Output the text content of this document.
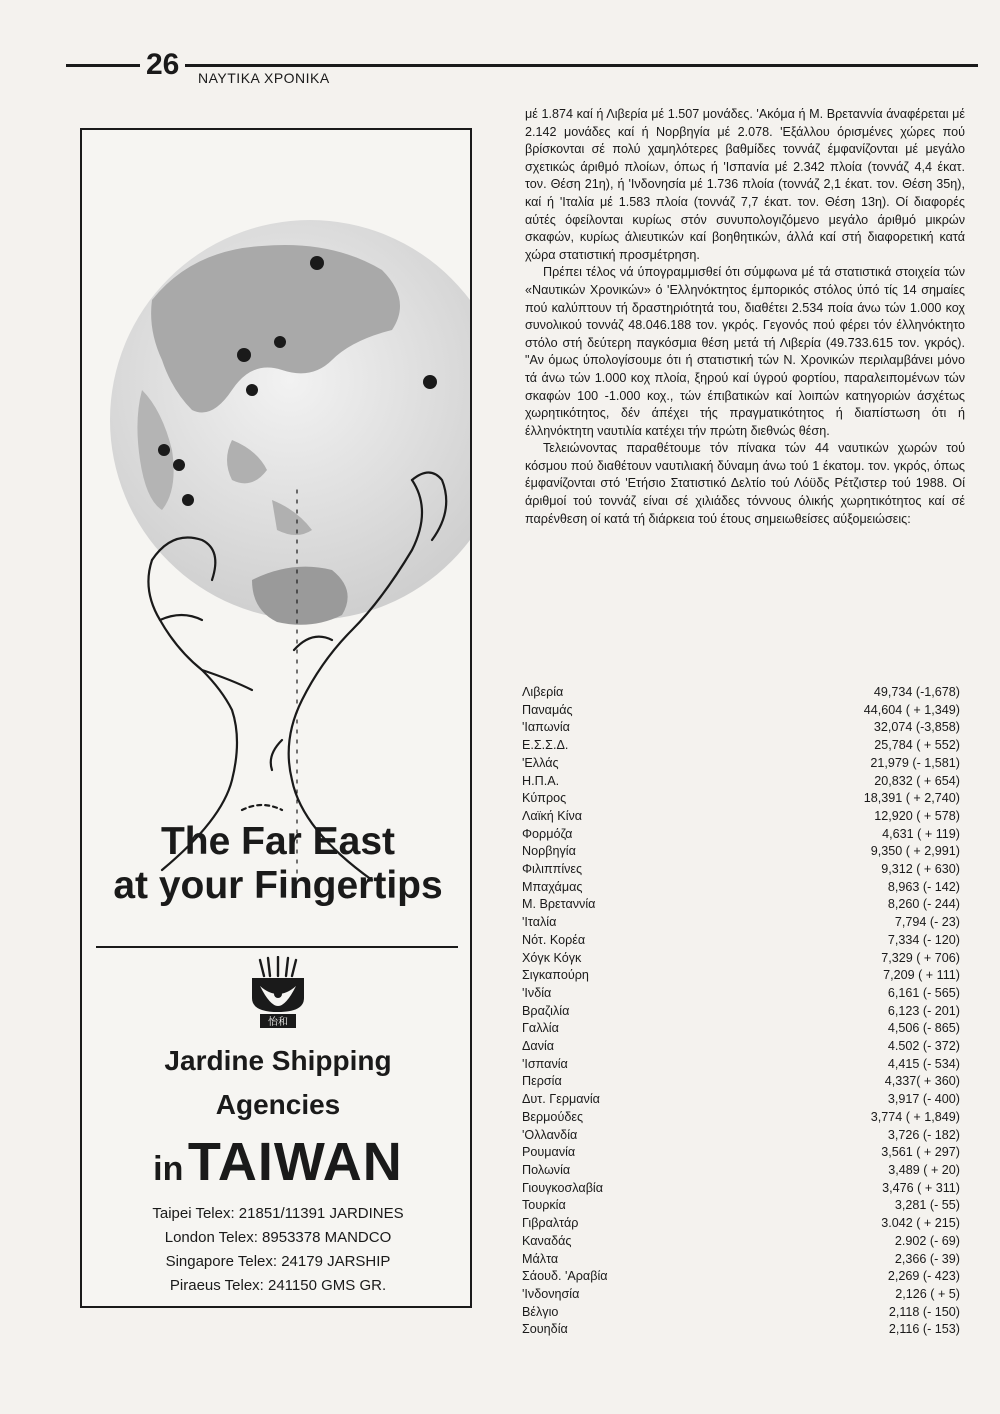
26	ΝΑΥΤΙΚΑ ΧΡΟΝΙΚΑ
The Far East
at your Fingertips
怡和
Jardine Shipping
Agencies
in TAIWAN
Taipei Telex: 21851/11391 JARDINES
London Telex: 8953378 MANDCO
Singapore Telex: 24179 JARSHIP
Piraeus Telex: 241150 GMS GR.

μέ 1.874 καί ή Λιβερία μέ 1.507 μονάδες. 'Ακόμα ή Μ. Βρεταννία άναφέρεται μέ 2.142 μονάδες καί ή Νορβηγία μέ 2.078. 'Εξάλλου όρισμένες χώρες πού βρίσκονται σέ πολύ χαμηλότερες βαθμίδες τοννάζ έμφανίζονται μέ μεγάλο σχετικώς άριθμό πλοίων, όπως ή 'Ισπανία μέ 2.342 πλοία (τοννάζ 4,4 έκατ. τον. Θέση 21η), ή 'Ινδονησία μέ 1.736 πλοία (τοννάζ 2,1 έκατ. τον. Θέση 35η), καί ή 'Ιταλία μέ 1.583 πλοία (τοννάζ 7,7 έκατ. τον. Θέση 13η). Οί διαφορές αύτές όφείλονται κυρίως στόν συνυπολογιζόμενο μεγάλο άριθμό μικρών σκαφών, κυρίως άλιευτικών καί βοηθητικών, άλλά καί στή διαφορετική κατά χώρα στατιστική προσμέτρηση.

Πρέπει τέλος νά ύπογραμμισθεί ότι σύμφωνα μέ τά στατιστικά στοιχεία τών «Ναυτικών Χρονικών» ό 'Ελληνόκτητος έμπορικός στόλος ύπό τίς 14 σημαίες πού καλύπτουν τή δραστηριότητά του, διαθέτει 2.534 ποία άνω τών 1.000 κοχ συνολικού τοννάζ 48.046.188 τον. γκρός. Γεγονός πού φέρει τόν έλληνόκτητο στόλο στή δεύτερη παγκόσμια θέση μετά τή Λιβερία (49.733.615 τον. γκρός). "Αν όμως ύπολογίσουμε ότι ή στατιστική τών Ν. Χρονικών περιλαμβάνει μόνο τά άνω τών 1.000 κοχ πλοία, ξηρού καί ύγρού φορτίου, παραλειπομένων τών σκαφών 100 -1.000 κοχ., τών έπιβατικών καί λοιπών κατηγοριών άσχέτως χωρητικότητος, δέν άπέχει τής πραγματικότητος ή διαπίστωση ότι ή έλληνόκτητη ναυτιλία κατέχει τήν πρώτη διεθνώς θέση.

Τελειώνοντας παραθέτουμε τόν πίνακα τών 44 ναυτικών χωρών τού κόσμου πού διαθέτουν ναυτιλιακή δύναμη άνω τού 1 έκατομ. τον. γκρός, όπως έμφανίζονται στό 'Ετήσιο Στατιστικό Δελτίο τού Λόϋδς Ρέτζιστερ τού 1988. Οί άριθμοί τού τοννάζ είναι σέ χιλιάδες τόννους όλικής χωρητικότητος καί σέ παρένθεση οί κατά τή διάρκεια τού έτους σημειωθείσες αύξομειώσεις:

Λιβερία	49,734 (-1,678)
Παναμάς	44,604 ( + 1,349)
'Ιαπωνία	32,074 (-3,858)
Ε.Σ.Σ.Δ.	25,784 ( + 552)
'Ελλάς	21,979 (- 1,581)
Η.Π.Α.	20,832 ( + 654)
Κύπρος	18,391 ( + 2,740)
Λαϊκή Κίνα	12,920 ( + 578)
Φορμόζα	4,631 ( + 119)
Νορβηγία	9,350 ( + 2,991)
Φιλιππίνες	9,312 ( + 630)
Μπαχάμας	8,963 (- 142)
Μ. Βρεταννία	8,260 (- 244)
'Ιταλία	7,794 (- 23)
Νότ. Κορέα	7,334 (- 120)
Χόγκ Κόγκ	7,329 ( + 706)
Σιγκαπούρη	7,209 ( + 111)
'Ινδία	6,161 (- 565)
Βραζιλία	6,123 (- 201)
Γαλλία	4,506 (- 865)
Δανία	4.502 (- 372)
'Ισπανία	4,415 (- 534)
Περσία	4,337( + 360)
Δυτ. Γερμανία	3,917 (- 400)
Βερμούδες	3,774 ( + 1,849)
'Ολλανδία	3,726 (- 182)
Ρουμανία	3,561 ( + 297)
Πολωνία	3,489 ( + 20)
Γιουγκοσλαβία	3,476 ( + 311)
Τουρκία	3,281 (- 55)
Γιβραλτάρ	3.042 ( + 215)
Καναδάς	2.902 (- 69)
Μάλτα	2,366 (- 39)
Σάουδ. 'Αραβία	2,269 (- 423)
'Ινδονησία	2,126 ( + 5)
Βέλγιο	2,118 (- 150)
Σουηδία	2,116 (- 153)
